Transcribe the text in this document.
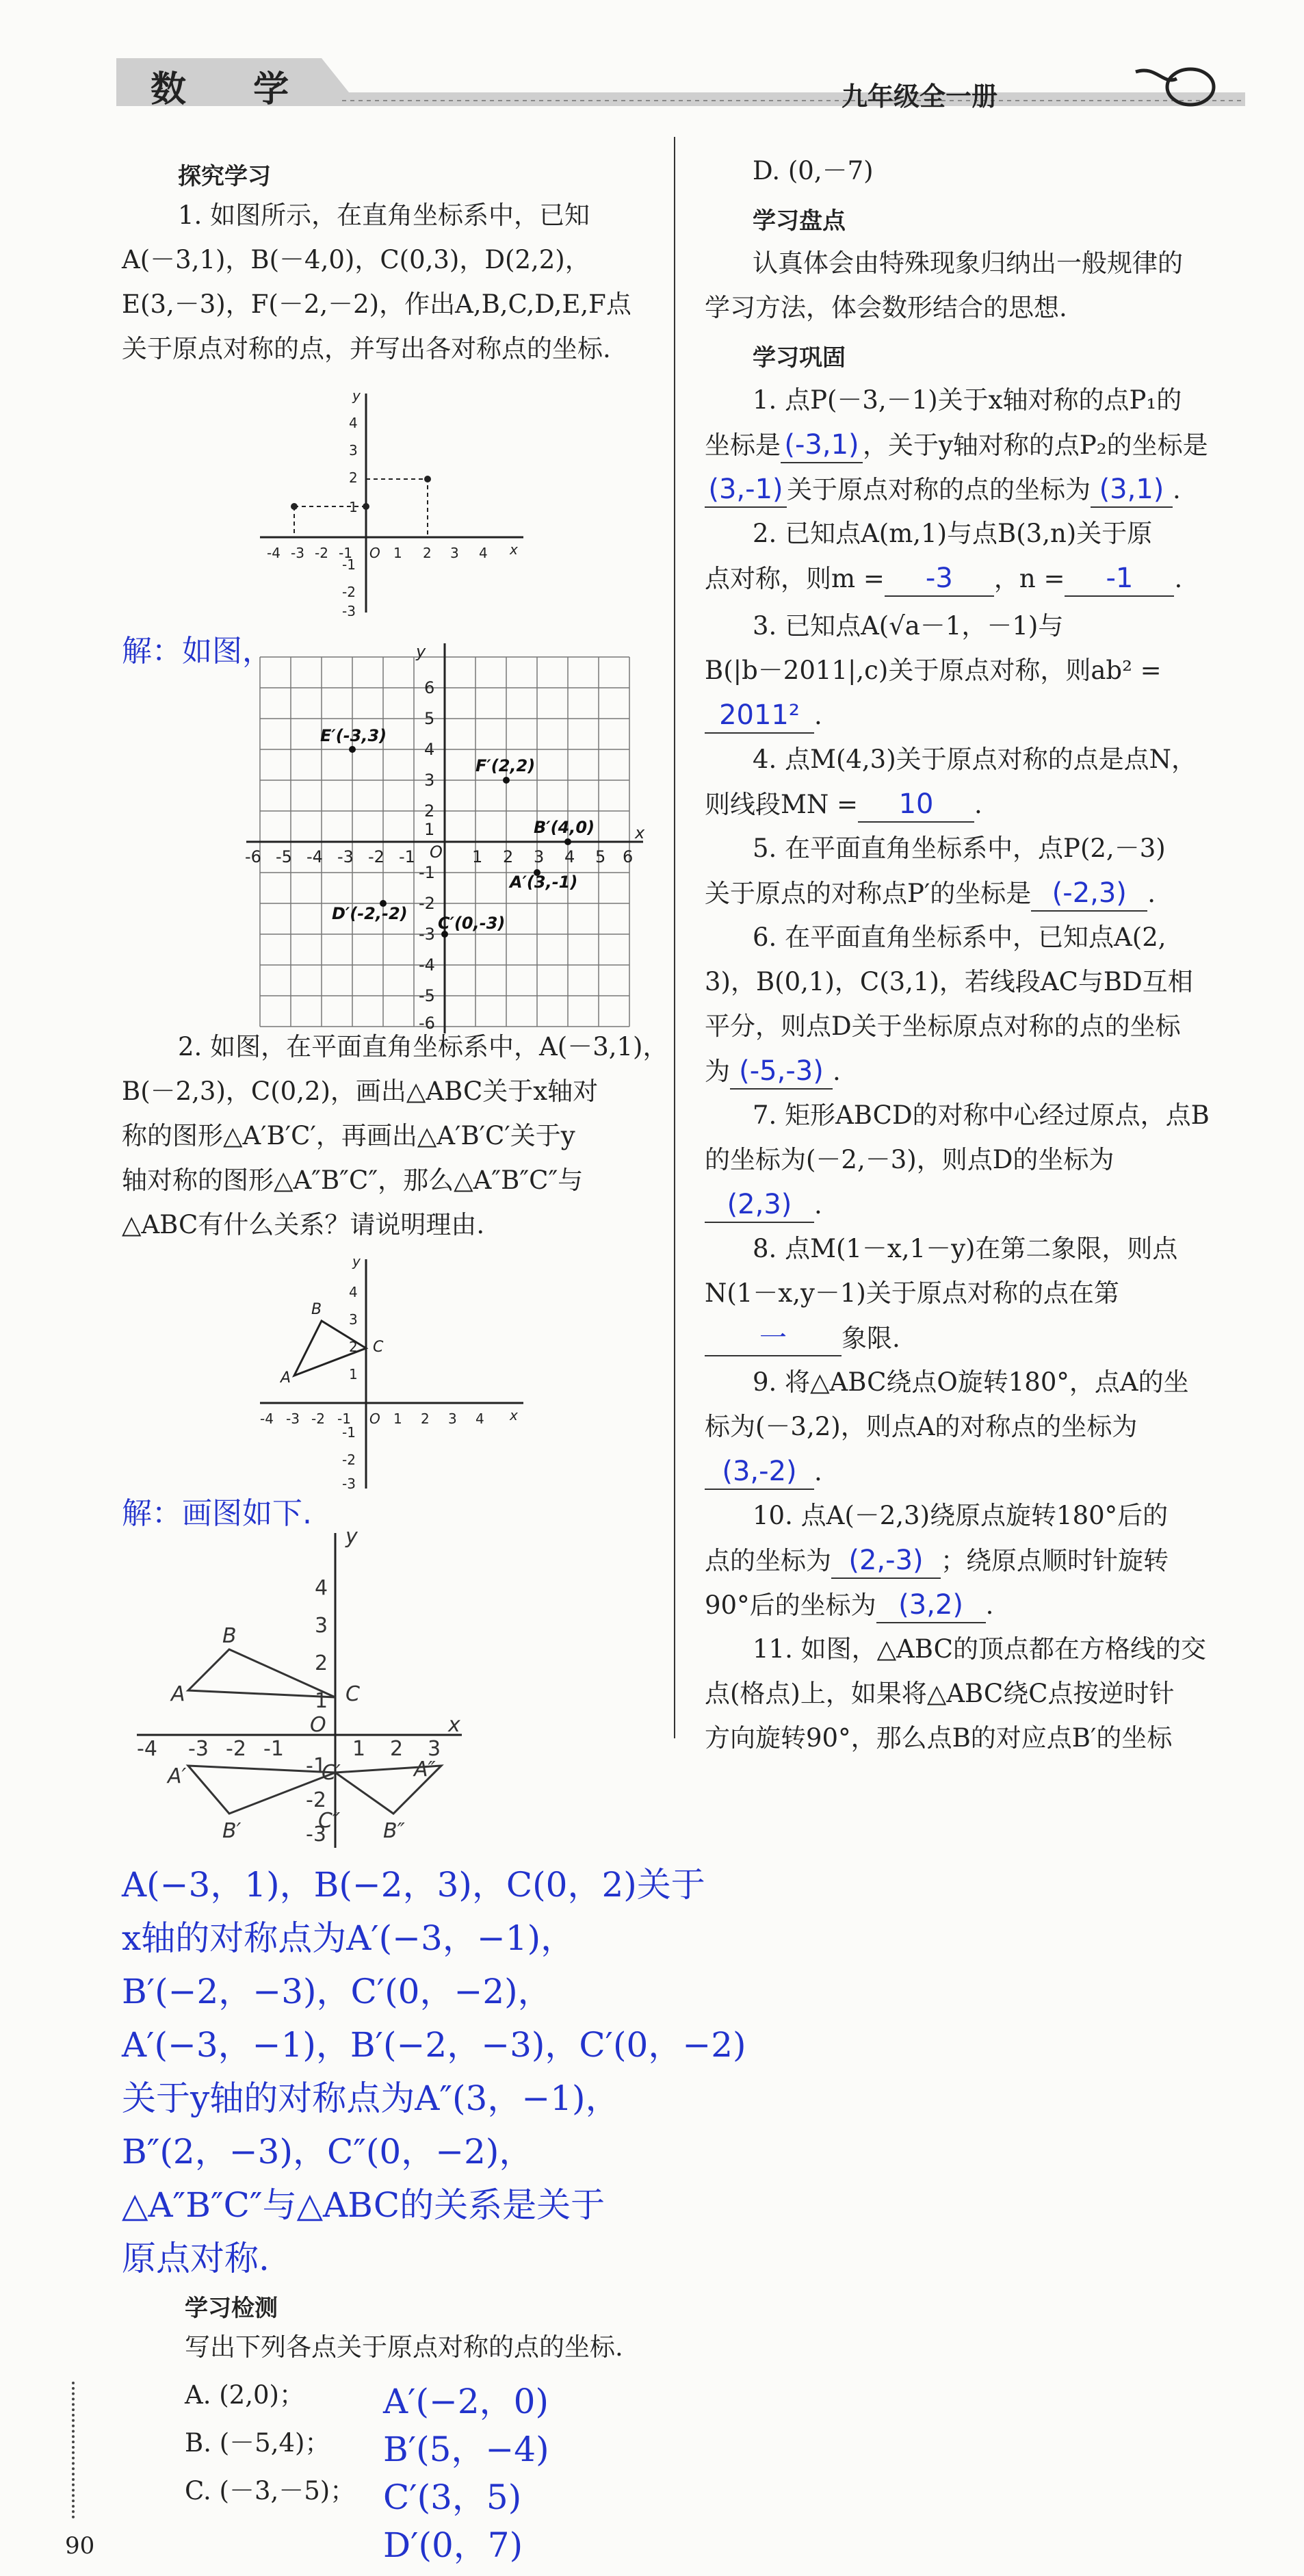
数 学	九年级全一册
探究学习
1. 如图所示，在直角坐标系中，已知
A(－3,1)，B(－4,0)，C(0,3)，D(2,2)，
E(3,－3)，F(－2,－2)，作出A,B,C,D,E,F点
关于原点对称的点，并写出各对称点的坐标.
-4 -3 -2 -1 O 1 2 3 4 x
y
4
3
2
1
-1
-2
-3
解：如图，
E′(-3,3)
F′(2,2)
B′(4,0)
A′(3,-1)
D′(-2,-2) C′(0,-3)
-6 -5 -4 -3 -2 -1 O 1 2 3 4 5 6
x
y
6
5
4
3
2
1
-1
-2
-3
-4
-5
-6
2. 如图，在平面直角坐标系中，A(－3,1)，
B(－2,3)，C(0,2)，画出△ABC关于x轴对
称的图形△A′B′C′，再画出△A′B′C′关于y
轴对称的图形△A″B″C″，那么△A″B″C″与
△ABC有什么关系？请说明理由.
A
B
C
-4 -3 -2 -1 O 1 2 3 4 x
y
4
3
2
1
-1
-2
-3
解：画图如下.
A
B
C
A′
B′
C′	A″
B″
C″
y
x
O
-4 -3 -2 -1	1 2 3
4
3
2
1
-1
-2
-3
A(−3，1)，B(−2，3)，C(0，2)关于
x轴的对称点为A′(−3，−1)，
B′(−2，−3)，C′(0，−2)，
A′(−3，−1)，B′(−2，−3)，C′(0，−2)
关于y轴的对称点为A″(3，−1)，
B″(2，−3)，C″(0，−2)，
△A″B″C″与△ABC的关系是关于
原点对称.
学习检测
写出下列各点关于原点对称的点的坐标.
A. (2,0)；
B. (－5,4)；
C. (－3,－5)；
A′(−2，0)
B′(5，−4)
C′(3，5)
D′(0，7)
90
D. (0,－7)
学习盘点
认真体会由特殊现象归纳出一般规律的
学习方法，体会数形结合的思想.
学习巩固
1. 点P(－3,－1)关于x轴对称的点P₁的
坐标是 (-3,1) ，关于y轴对称的点P₂的坐标是
(3,-1) 关于原点对称的点的坐标为 (3,1) .
2. 已知点A(m,1)与点B(3,n)关于原
点对称，则m = -3 ，n = -1 .
3. 已知点A(√a－1，－1)与
B(|b－2011|,c)关于原点对称，则ab² =
2011² .
4. 点M(4,3)关于原点对称的点是点N，
则线段MN = 10 .
5. 在平面直角坐标系中，点P(2,－3)
关于原点的对称点P′的坐标是 (-2,3) .
6. 在平面直角坐标系中，已知点A(2,
3)，B(0,1)，C(3,1)，若线段AC与BD互相
平分，则点D关于坐标原点对称的点的坐标
为 (-5,-3) .
7. 矩形ABCD的对称中心经过原点，点B
的坐标为(－2,－3)，则点D的坐标为
(2,3) .
8. 点M(1－x,1－y)在第二象限，则点
N(1－x,y－1)关于原点对称的点在第
一 象限.
9. 将△ABC绕点O旋转180°，点A的坐
标为(－3,2)，则点A的对称点的坐标为
(3,-2) .
10. 点A(－2,3)绕原点旋转180°后的
点的坐标为 (2,-3) ；绕原点顺时针旋转
90°后的坐标为 (3,2) .
11. 如图，△ABC的顶点都在方格线的交
点(格点)上，如果将△ABC绕C点按逆时针
方向旋转90°，那么点B的对应点B′的坐标
